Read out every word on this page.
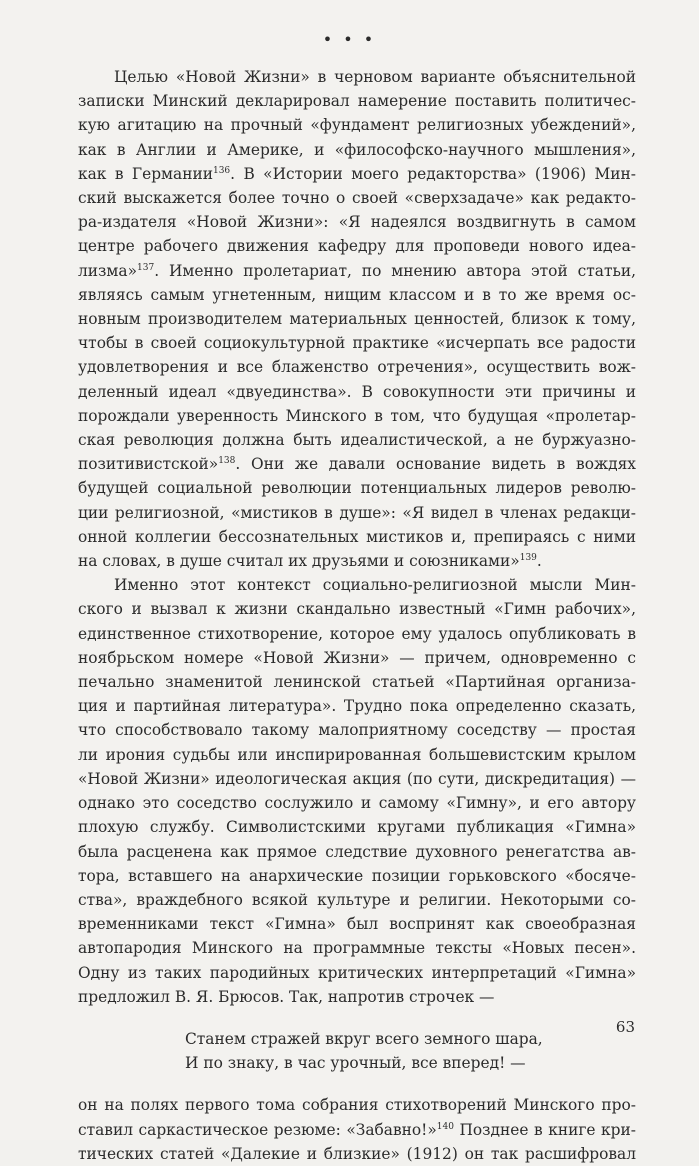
• • •
Целью «Новой Жизни» в черновом варианте объяснительной
записки Минский декларировал намерение поставить политичес-
кую агитацию на прочный «фундамент религиозных убеждений»,
как в Англии и Америке, и «философско-научного мышления»,
как в Германии$^{136}$. В «Истории моего редакторства» (1906) Мин-
ский выскажется более точно о своей «сверхзадаче» как редакто-
ра-издателя «Новой Жизни»: «Я надеялся воздвигнуть в самом
центре рабочего движения кафедру для проповеди нового идеа-
лизма»$^{137}$. Именно пролетариат, по мнению автора этой статьи,
являясь самым угнетенным, нищим классом и в то же время ос-
новным производителем материальных ценностей, близок к тому,
чтобы в своей социокультурной практике «исчерпать все радости
удовлетворения и все блаженство отречения», осуществить вож-
деленный идеал «двуединства». В совокупности эти причины и
порождали уверенность Минского в том, что будущая «пролетар-
ская революция должна быть идеалистической, а не буржуазно-
позитивистской»$^{138}$. Они же давали основание видеть в вождях
будущей социальной революции потенциальных лидеров револю-
ции религиозной, «мистиков в душе»: «Я видел в членах редакци-
онной коллегии бессознательных мистиков и, препираясь с ними
на словах, в душе считал их друзьями и союзниками»$^{139}$.
Именно этот контекст социально-религиозной мысли Мин-
ского и вызвал к жизни скандально известный «Гимн рабочих»,
единственное стихотворение, которое ему удалось опубликовать в
ноябрьском номере «Новой Жизни» — причем, одновременно с
печально знаменитой ленинской статьей «Партийная организа-
ция и партийная литература». Трудно пока определенно сказать,
что способствовало такому малоприятному соседству — простая
ли ирония судьбы или инспирированная большевистским крылом
«Новой Жизни» идеологическая акция (по сути, дискредитация) —
однако это соседство сослужило и самому «Гимну», и его автору
плохую службу. Символистскими кругами публикация «Гимна»
была расценена как прямое следствие духовного ренегатства ав-
тора, вставшего на анархические позиции горьковского «босяче-
ства», враждебного всякой культуре и религии. Некоторыми со-
временниками текст «Гимна» был воспринят как своеобразная
автопародия Минского на программные тексты «Новых песен».
Одну из таких пародийных критических интерпретаций «Гимна»
предложил В. Я. Брюсов. Так, напротив строчек —
Станем стражей вкруг всего земного шара,
И по знаку, в час урочный, все вперед! —
он на полях первого тома собрания стихотворений Минского про-
ставил саркастическое резюме: «Забавно!»$^{140}$ Позднее в книге кри-
тических статей «Далекие и близкие» (1912) он так расшифровал
63
